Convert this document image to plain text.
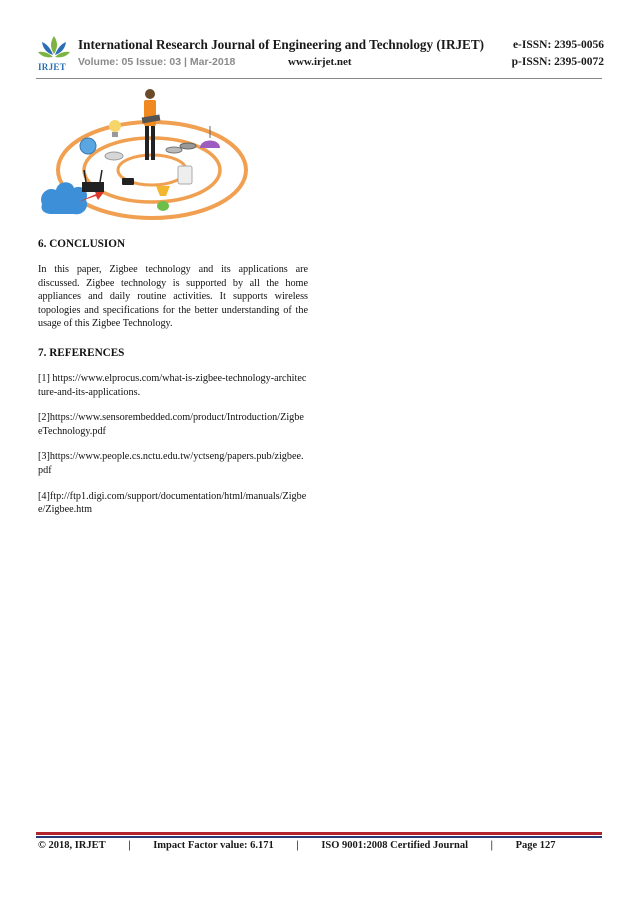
IRJET
International Research Journal of Engineering and Technology (IRJET)	e-ISSN: 2395-0056
Volume: 05 Issue: 03 | Mar-2018	www.irjet.net	p-ISSN: 2395-0072
6. CONCLUSION

In this paper, Zigbee technology and its applications are discussed. Zigbee technology is supported by all the home appliances and daily routine activities. It supports wireless topologies and specifications for the better understanding of the usage of this Zigbee Technology.

7. REFERENCES

[1] https://www.elprocus.com/what-is-zigbee-technology-architecture-and-its-applications.

[2]https://www.sensorembedded.com/product/Introduction/ZigbeeTechnology.pdf

[3]https://www.people.cs.nctu.edu.tw/yctseng/papers.pub/zigbee.pdf

[4]ftp://ftp1.digi.com/support/documentation/html/manuals/Zigbee/Zigbee.htm

© 2018, IRJET | Impact Factor value: 6.171 | ISO 9001:2008 Certified Journal | Page 127
